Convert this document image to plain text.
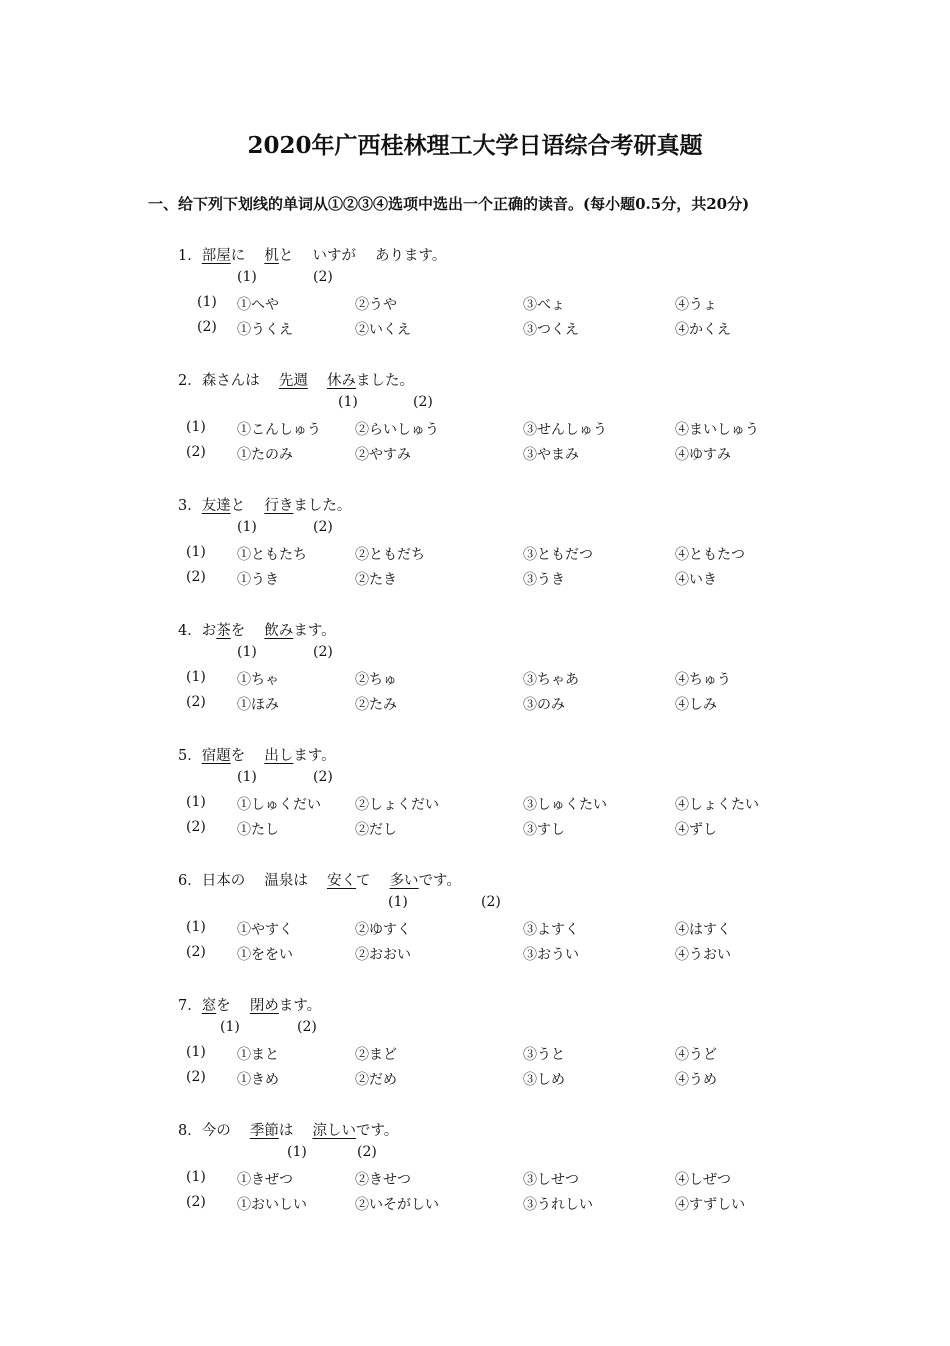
2020年广西桂林理工大学日语综合考研真题
一、给下列下划线的单词从①②③④选项中选出一个正确的读音。(每小题0.5分，共20分)
1．部屋に　 机と　 いすが　 あります。
(1)	(2)
(1) ①へや	②うや	③べょ	④うょ
(2) ①うくえ	②いくえ	③つくえ	④かくえ
2．森さんは　 先週　 休みました。
(1)	(2)
(1) ①こんしゅう ②らいしゅう	③せんしゅう	④まいしゅう
(2) ①たのみ	②やすみ	③やまみ	④ゆすみ
3．友達と　 行きました。
(1)	(2)
(1) ①ともたち	②ともだち	③ともだつ	④ともたつ
(2) ①うき	②たき	③うき	④いき
4．お茶を　 飲みます。
(1)	(2)
(1) ①ちゃ	②ちゅ	③ちゃあ	④ちゅう
(2) ①ほみ	②たみ	③のみ	④しみ
5．宿題を　 出します。
(1)	(2)
(1) ①しゅくだい ②しょくだい	③しゅくたい	④しょくたい
(2) ①たし	②だし	③すし	④ずし
6．日本の　 温泉は　 安くて　 多いです。
(1)	(2)
(1) ①やすく	②ゆすく	③よすく	④はすく
(2) ①ををい	②おおい	③おうい	④うおい
7．窓を　 閉めます。
(1)	(2)
(1) ①まと	②まど	③うと	④うど
(2) ①きめ	②だめ	③しめ	④うめ
8．今の　 季節は　 涼しいです。
(1)	(2)
(1) ①きぜつ	②きせつ	③しせつ	④しぜつ
(2) ①おいしい	②いそがしい	③うれしい	④すずしい
